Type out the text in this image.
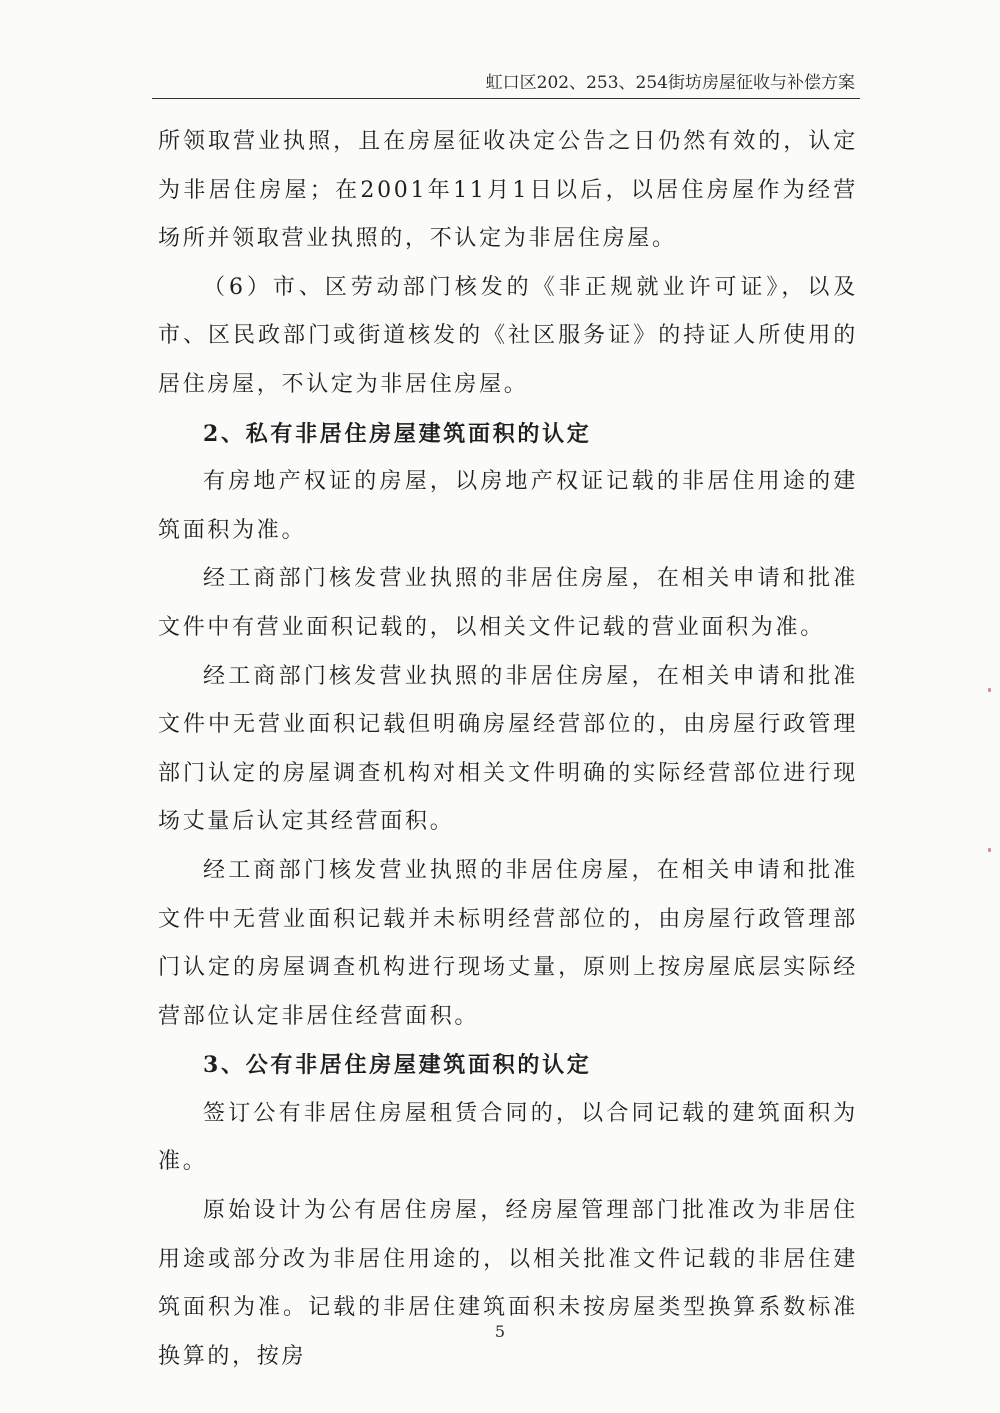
虹口区202、253、254街坊房屋征收与补偿方案

所领取营业执照，且在房屋征收决定公告之日仍然有效的，认定为非居住房屋；在2001年11月1日以后，以居住房屋作为经营场所并领取营业执照的，不认定为非居住房屋。

（6）市、区劳动部门核发的《非正规就业许可证》，以及市、区民政部门或街道核发的《社区服务证》的持证人所使用的居住房屋，不认定为非居住房屋。

2、私有非居住房屋建筑面积的认定

有房地产权证的房屋，以房地产权证记载的非居住用途的建筑面积为准。

经工商部门核发营业执照的非居住房屋，在相关申请和批准文件中有营业面积记载的，以相关文件记载的营业面积为准。

经工商部门核发营业执照的非居住房屋，在相关申请和批准文件中无营业面积记载但明确房屋经营部位的，由房屋行政管理部门认定的房屋调查机构对相关文件明确的实际经营部位进行现场丈量后认定其经营面积。

经工商部门核发营业执照的非居住房屋，在相关申请和批准文件中无营业面积记载并未标明经营部位的，由房屋行政管理部门认定的房屋调查机构进行现场丈量，原则上按房屋底层实际经营部位认定非居住经营面积。

3、公有非居住房屋建筑面积的认定

签订公有非居住房屋租赁合同的，以合同记载的建筑面积为准。

原始设计为公有居住房屋，经房屋管理部门批准改为非居住用途或部分改为非居住用途的，以相关批准文件记载的非居住建筑面积为准。记载的非居住建筑面积未按房屋类型换算系数标准换算的，按房

5
